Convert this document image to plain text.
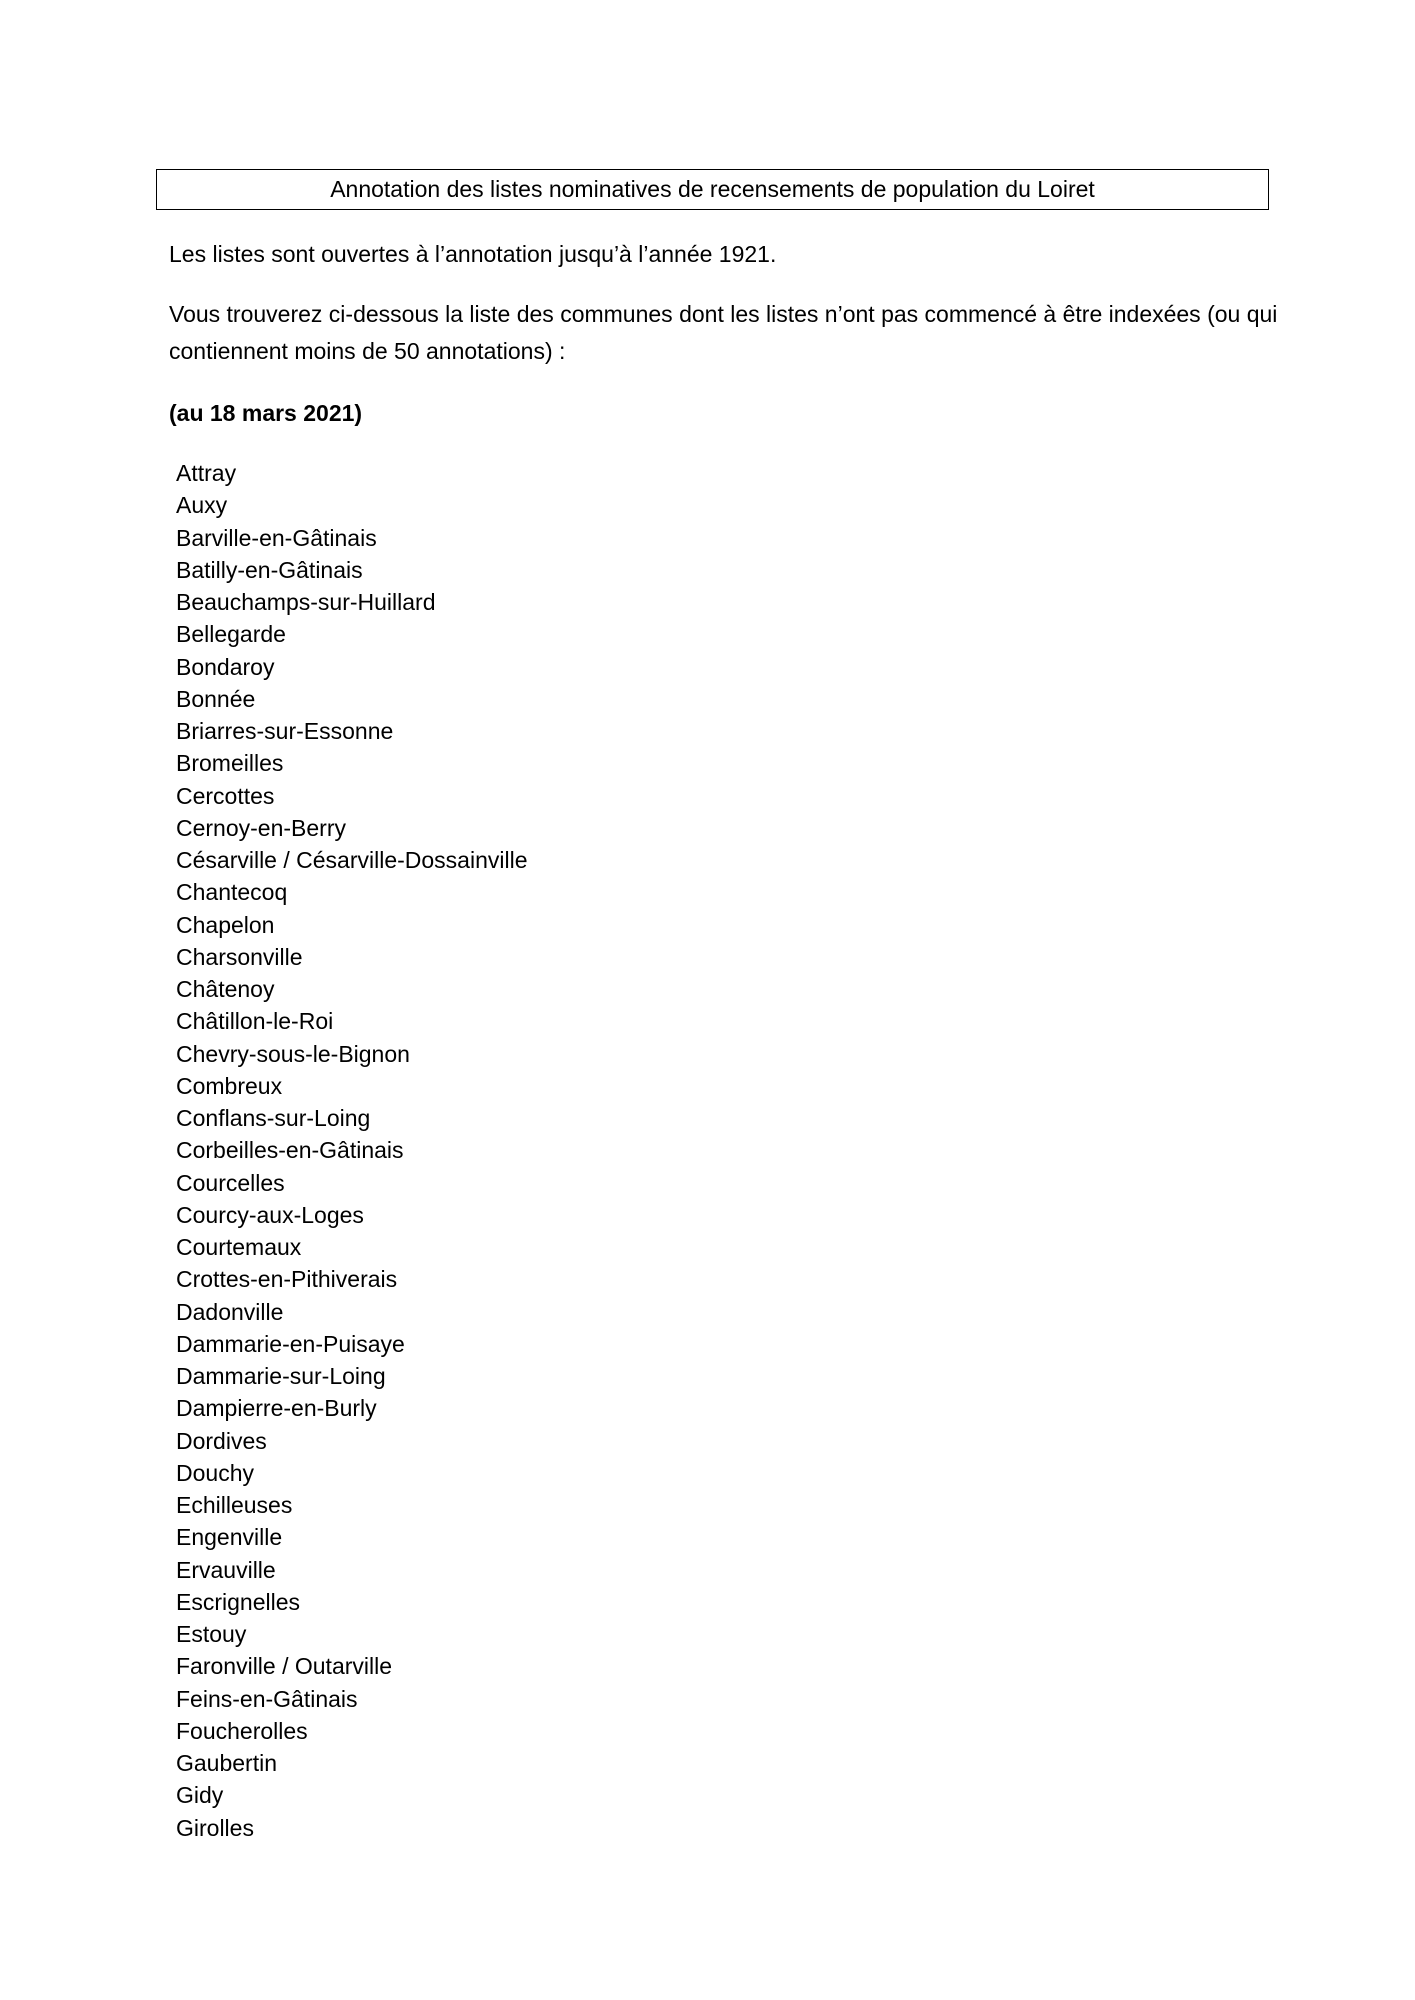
Annotation des listes nominatives de recensements de population du Loiret

Les listes sont ouvertes à l’annotation jusqu’à l’année 1921.

Vous trouverez ci-dessous la liste des communes dont les listes n’ont pas commencé à être indexées (ou qui contiennent moins de 50 annotations) :

(au 18 mars 2021)
Attray
Auxy
Barville-en-Gâtinais
Batilly-en-Gâtinais
Beauchamps-sur-Huillard
Bellegarde
Bondaroy
Bonnée
Briarres-sur-Essonne
Bromeilles
Cercottes
Cernoy-en-Berry
Césarville / Césarville-Dossainville
Chantecoq
Chapelon
Charsonville
Châtenoy
Châtillon-le-Roi
Chevry-sous-le-Bignon
Combreux
Conflans-sur-Loing
Corbeilles-en-Gâtinais
Courcelles
Courcy-aux-Loges
Courtemaux
Crottes-en-Pithiverais
Dadonville
Dammarie-en-Puisaye
Dammarie-sur-Loing
Dampierre-en-Burly
Dordives
Douchy
Echilleuses
Engenville
Ervauville
Escrignelles
Estouy
Faronville / Outarville
Feins-en-Gâtinais
Foucherolles
Gaubertin
Gidy
Girolles
